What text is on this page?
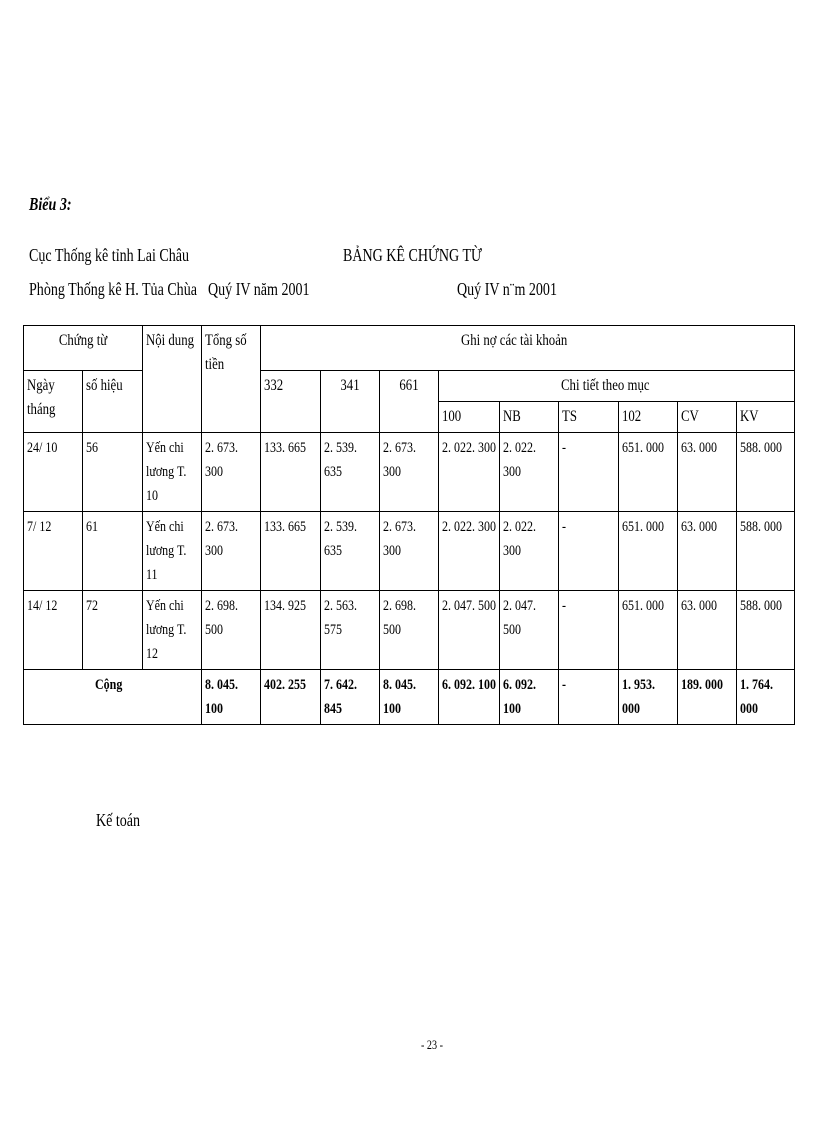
Biểu 3:
Cục Thống kê tỉnh Lai Châu
Phòng Thống kê H. Tủa Chùa Quý IV năm 2001
BẢNG KÊ CHỨNG TỪ
Quý IV n¨m 2001
Chứng từ		Nội dung	Tổng số tiền	Ghi nợ các tài khoản								
Ngày tháng	số hiệu			332	341	661	Chi tiết theo mục					
							100	NB	TS	102	CV	KV
24/ 10	56	Yến chi lương T. 10	2. 673. 300	133. 665	2. 539. 635	2. 673. 300	2. 022. 300	2. 022. 300	-	651. 000	63. 000	588. 000
7/ 12	61	Yến chi lương T. 11	2. 673. 300	133. 665	2. 539. 635	2. 673. 300	2. 022. 300	2. 022. 300	-	651. 000	63. 000	588. 000
14/ 12	72	Yến chi lương T. 12	2. 698. 500	134. 925	2. 563. 575	2. 698. 500	2. 047. 500	2. 047. 500	-	651. 000	63. 000	588. 000
Cộng			8. 045. 100	402. 255	7. 642. 845	8. 045. 100	6. 092. 100	6. 092. 100	-	1. 953. 000	189. 000	1. 764. 000
Kế toán
- 23 -
